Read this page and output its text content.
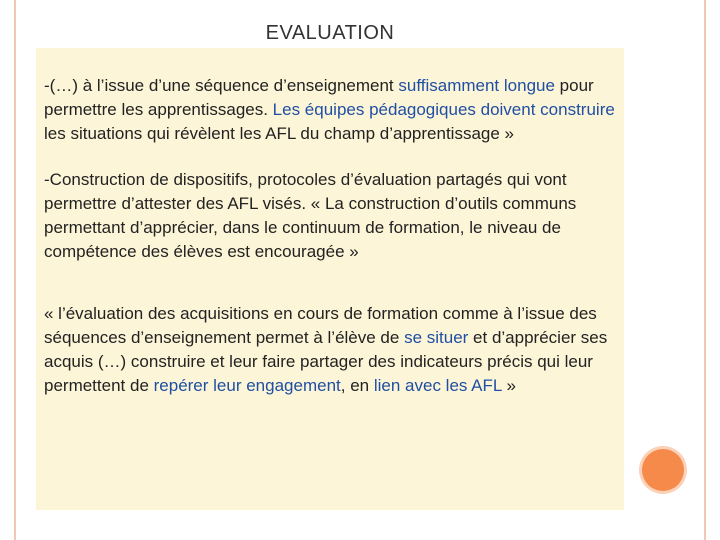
EVALUATION

-(…) à l’issue d’une séquence d’enseignement suffisamment longue pour permettre les apprentissages. Les équipes pédagogiques doivent construire les situations qui révèlent les AFL du champ d’apprentissage »

-Construction de dispositifs, protocoles d’évaluation partagés qui vont permettre d’attester des AFL visés. « La construction d’outils communs permettant d’apprécier, dans le continuum de formation, le niveau de compétence des élèves est encouragée »

« l’évaluation des acquisitions en cours de formation comme à l’issue des séquences d’enseignement permet à l’élève de se situer et d’apprécier ses acquis (…) construire et leur faire partager des indicateurs précis qui leur permettent de repérer leur engagement, en lien avec les AFL »
